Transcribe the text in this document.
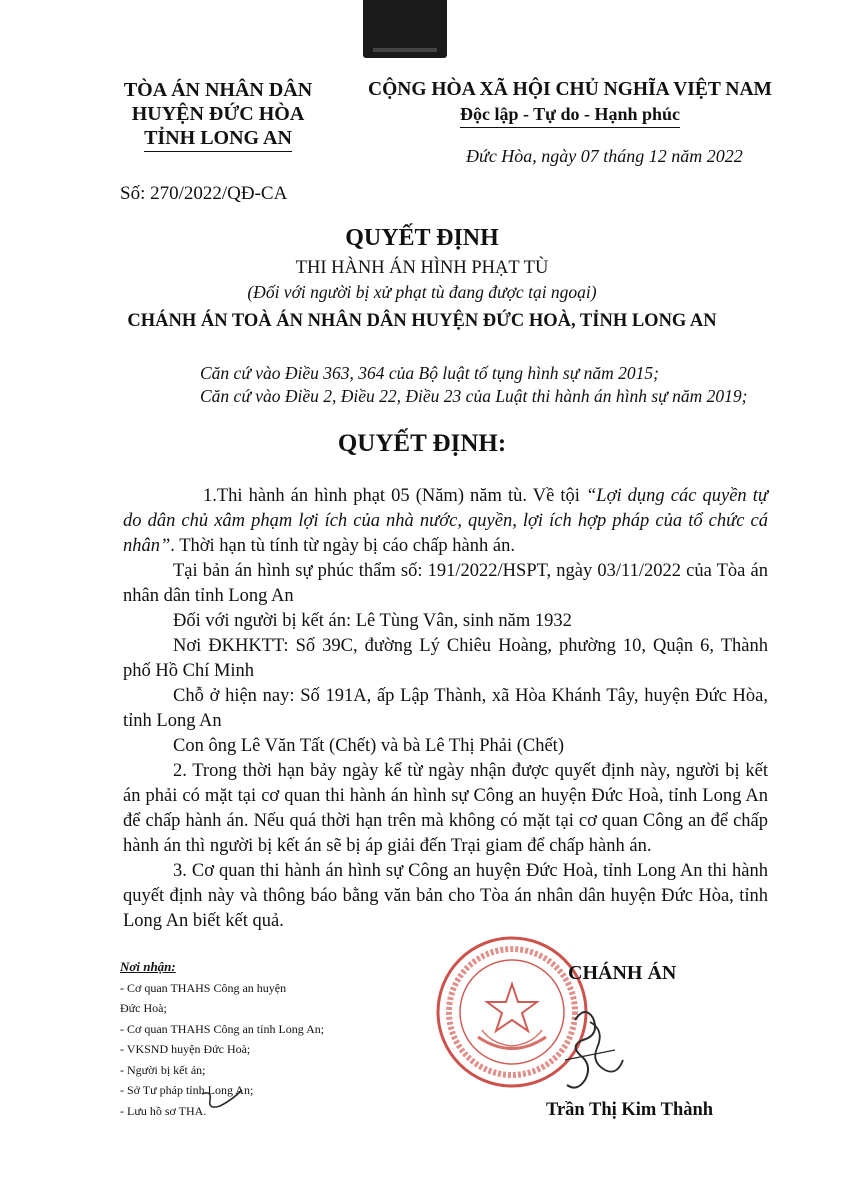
TÒA ÁN NHÂN DÂN
HUYỆN ĐỨC HÒA
TỈNH LONG AN
CỘNG HÒA XÃ HỘI CHỦ NGHĨA VIỆT NAM
Độc lập - Tự do - Hạnh phúc
Đức Hòa, ngày 07 tháng 12 năm 2022
Số: 270/2022/QĐ-CA
QUYẾT ĐỊNH
THI HÀNH ÁN HÌNH PHẠT TÙ
(Đối với người bị xử phạt tù đang được tại ngoại)
CHÁNH ÁN TOÀ ÁN NHÂN DÂN HUYỆN ĐỨC HOÀ, TỈNH LONG AN
Căn cứ vào Điều 363, 364 của Bộ luật tố tụng hình sự năm 2015;
Căn cứ vào Điều 2, Điều 22, Điều 23 của Luật thi hành án hình sự năm 2019;
QUYẾT ĐỊNH:

1.Thi hành án hình phạt 05 (Năm) năm tù. Về tội “Lợi dụng các quyền tự do dân chủ xâm phạm lợi ích của nhà nước, quyền, lợi ích hợp pháp của tổ chức cá nhân”. Thời hạn tù tính từ ngày bị cáo chấp hành án.

Tại bản án hình sự phúc thẩm số: 191/2022/HSPT, ngày 03/11/2022 của Tòa án nhân dân tỉnh Long An

Đối với người bị kết án: Lê Tùng Vân, sinh năm 1932

Nơi ĐKHKTT: Số 39C, đường Lý Chiêu Hoàng, phường 10, Quận 6, Thành phố Hồ Chí Minh

Chỗ ở hiện nay: Số 191A, ấp Lập Thành, xã Hòa Khánh Tây, huyện Đức Hòa, tỉnh Long An

Con ông Lê Văn Tất (Chết) và bà Lê Thị Phải (Chết)

2. Trong thời hạn bảy ngày kể từ ngày nhận được quyết định này, người bị kết án phải có mặt tại cơ quan thi hành án hình sự Công an huyện Đức Hoà, tỉnh Long An để chấp hành án. Nếu quá thời hạn trên mà không có mặt tại cơ quan Công an để chấp hành án thì người bị kết án sẽ bị áp giải đến Trại giam để chấp hành án.

3. Cơ quan thi hành án hình sự Công an huyện Đức Hoà, tỉnh Long An thi hành quyết định này và thông báo bằng văn bản cho Tòa án nhân dân huyện Đức Hòa, tỉnh Long An biết kết quả.

Nơi nhận:
- Cơ quan THAHS Công an huyện
Đức Hoà;
- Cơ quan THAHS Công an tỉnh Long An;
- VKSND huyện Đức Hoà;
- Người bị kết án;
- Sở Tư pháp tỉnh Long An;
- Lưu hồ sơ THA.
CHÁNH ÁN
Trần Thị Kim Thành
